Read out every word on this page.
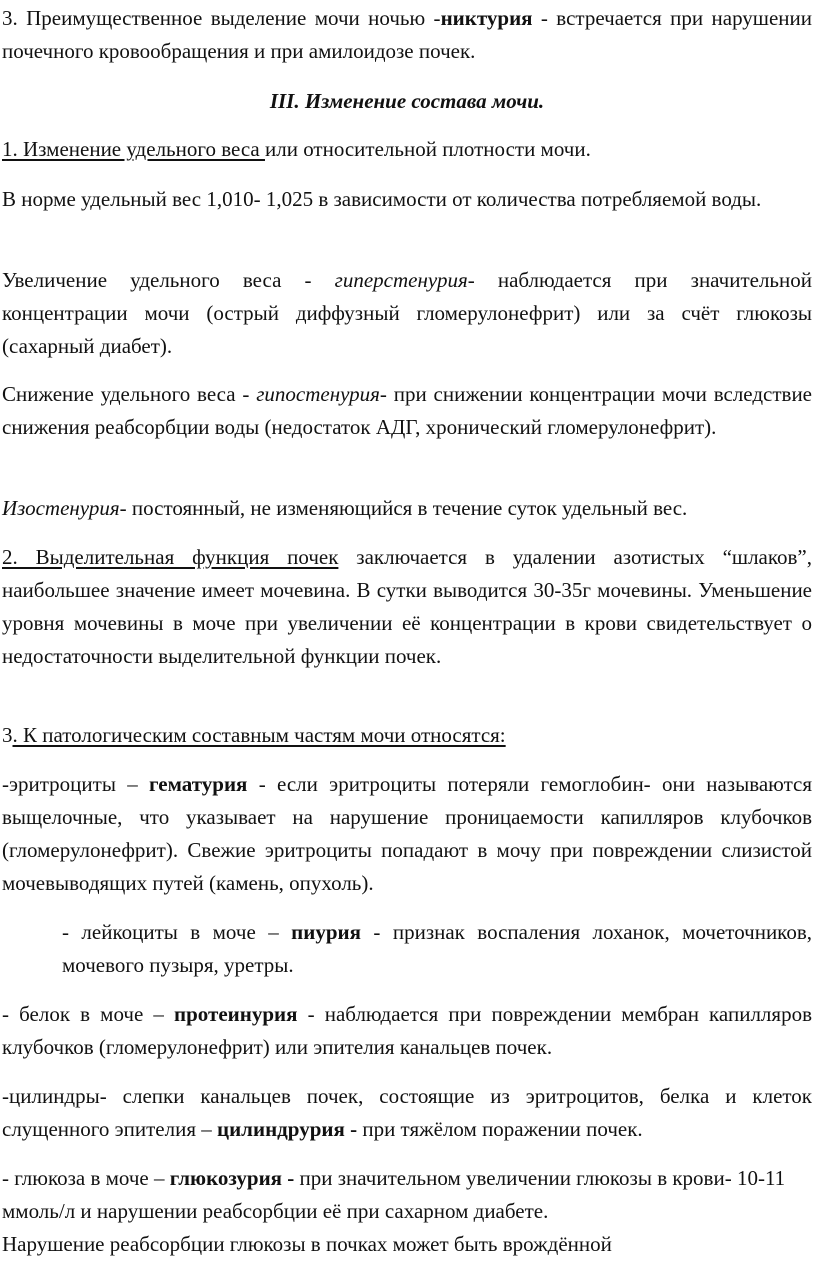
3. Преимущественное выделение мочи ночью -никтурия - встречается при нарушении почечного кровообращения и при амилоидозе почек.

III. Изменение состава мочи.

1. Изменение удельного веса или относительной плотности мочи.

В норме удельный вес 1,010- 1,025 в зависимости от количества потребляемой воды.

Увеличение удельного веса - гиперстенурия- наблюдается при значительной концентрации мочи (острый диффузный гломерулонефрит) или за счёт глюкозы (сахарный диабет).

Снижение удельного веса - гипостенурия- при снижении концентрации мочи вследствие снижения реабсорбции воды (недостаток АДГ, хронический гломерулонефрит).

Изостенурия- постоянный, не изменяющийся в течение суток удельный вес.

2. Выделительная функция почек заключается в удалении азотистых “шлаков”, наибольшее значение имеет мочевина. В сутки выводится 30-35г мочевины. Уменьшение уровня мочевины в моче при увеличении её концентрации в крови свидетельствует о недостаточности выделительной функции почек.

3. К патологическим составным частям мочи относятся:

-эритроциты – гематурия - если эритроциты потеряли гемоглобин- они называются выщелочные, что указывает на нарушение проницаемости капилляров клубочков (гломерулонефрит). Свежие эритроциты попадают в мочу при повреждении слизистой мочевыводящих путей (камень, опухоль).

- лейкоциты в моче – пиурия - признак воспаления лоханок, мочеточников, мочевого пузыря, уретры.

- белок в моче – протеинурия - наблюдается при повреждении мембран капилляров клубочков (гломерулонефрит) или эпителия канальцев почек.

-цилиндры- слепки канальцев почек, состоящие из эритроцитов, белка и клеток слущенного эпителия – цилиндрурия - при тяжёлом поражении почек.

- глюкоза в моче – глюкозурия - при значительном увеличении глюкозы в крови- 10-11 ммоль/л и нарушении реабсорбции её при сахарном диабете.

Нарушение реабсорбции глюкозы в почках может быть врождённой
